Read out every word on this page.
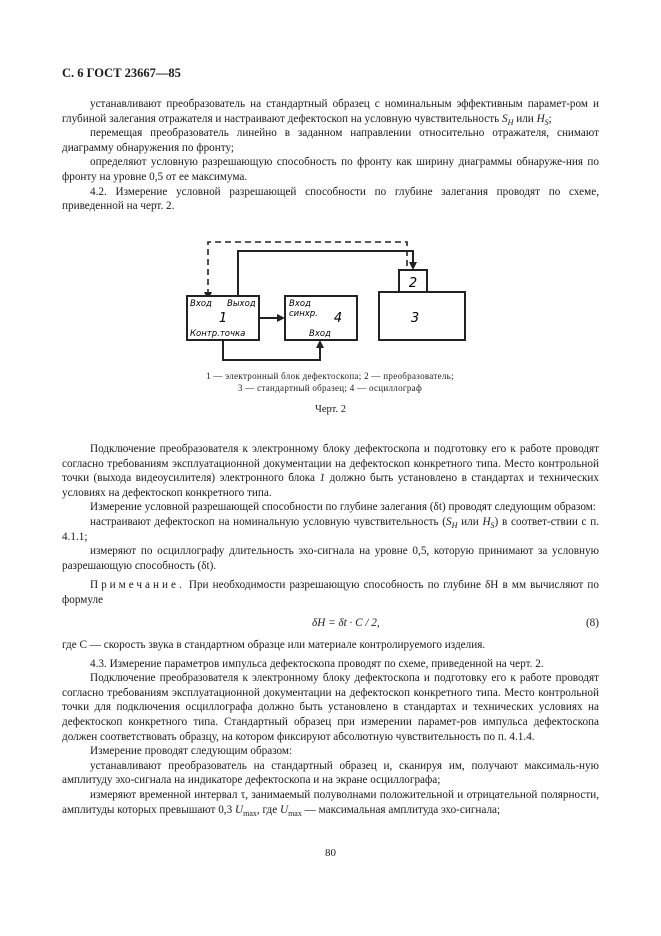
С. 6 ГОСТ 23667—85

устанавливают преобразователь на стандартный образец с номинальным эффективным парамет-ром и глубиной залегания отражателя и настраивают дефектоскоп на условную чувствительность $S_H$ или $H_S$;

перемещая преобразователь линейно в заданном направлении относительно отражателя, снимают диаграмму обнаружения по фронту;

определяют условную разрешающую способность по фронту как ширину диаграммы обнаруже-ния по фронту на уровне 0,5 от ее максимума.

4.2. Измерение условной разрешающей способности по глубине залегания проводят по схеме, приведенной на черт. 2.

2
3
Вход Выход
1
Контр.точка
Вход
синхр. 4
Вход
1 — электронный блок дефектоскопа; 2 — преобразователь;
3 — стандартный образец; 4 — осциллограф
Черт. 2

Подключение преобразователя к электронному блоку дефектоскопа и подготовку его к работе проводят согласно требованиям эксплуатационной документации на дефектоскоп конкретного типа. Место контрольной точки (выхода видеоусилителя) электронного блока 1 должно быть установлено в стандартах и технических условиях на дефектоскоп конкретного типа.

Измерение условной разрешающей способности по глубине залегания (δt) проводят следующим образом:

настраивают дефектоскоп на номинальную условную чувствительность ($S_H$ или $H_S$) в соответ-ствии с п. 4.1.1;

измеряют по осциллографу длительность эхо-сигнала на уровне 0,5, которую принимают за условную разрешающую способность (δt).

Примечание. При необходимости разрешающую способность по глубине δH в мм вычисляют по формуле

δH = δt · C / 2,	(8)

где C — скорость звука в стандартном образце или материале контролируемого изделия.

4.3. Измерение параметров импульса дефектоскопа проводят по схеме, приведенной на черт. 2.

Подключение преобразователя к электронному блоку дефектоскопа и подготовку его к работе проводят согласно требованиям эксплуатационной документации на дефектоскоп конкретного типа. Место контрольной точки для подключения осциллографа должно быть установлено в стандартах и технических условиях на дефектоскоп конкретного типа. Стандартный образец при измерении парамет-ров импульса дефектоскопа должен соответствовать образцу, на котором фиксируют абсолютную чувствительность по п. 4.1.4.

Измерение проводят следующим образом:

устанавливают преобразователь на стандартный образец и, сканируя им, получают максималь-ную амплитуду эхо-сигнала на индикаторе дефектоскопа и на экране осциллографа;

измеряют временной интервал τ, занимаемый полуволнами положительной и отрицательной полярности, амплитуды которых превышают 0,3 $U_{max}$, где $U_{max}$ — максимальная амплитуда эхо-сигнала;

80
